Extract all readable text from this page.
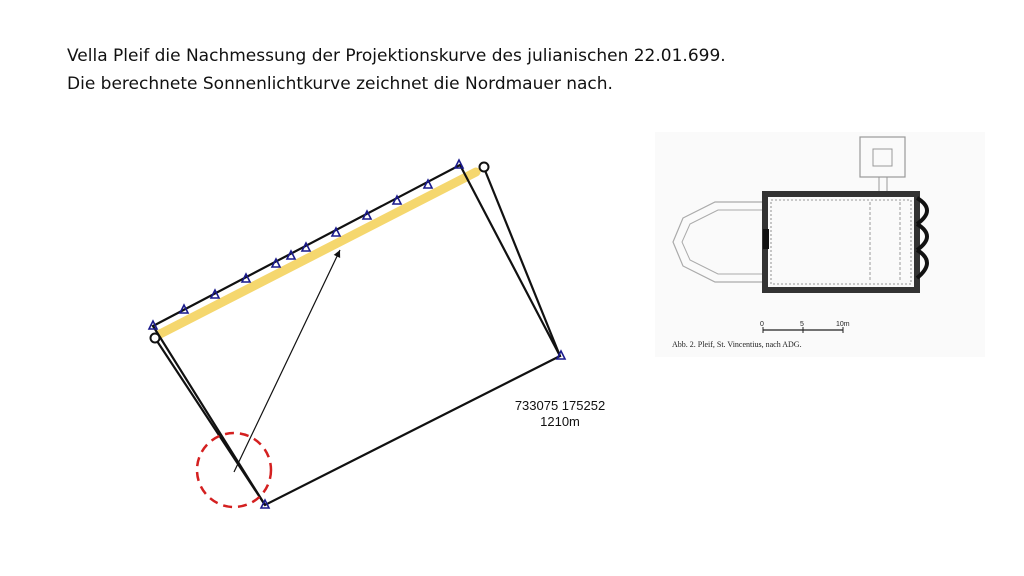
Vella Pleif die Nachmessung der Projektionskurve des julianischen 22.01.699.
Die berechnete Sonnenlichtkurve zeichnet die Nordmauer nach.
733075 175252
1210m
0	5	10m
Abb. 2. Pleif, St. Vincentius, nach ADG.
